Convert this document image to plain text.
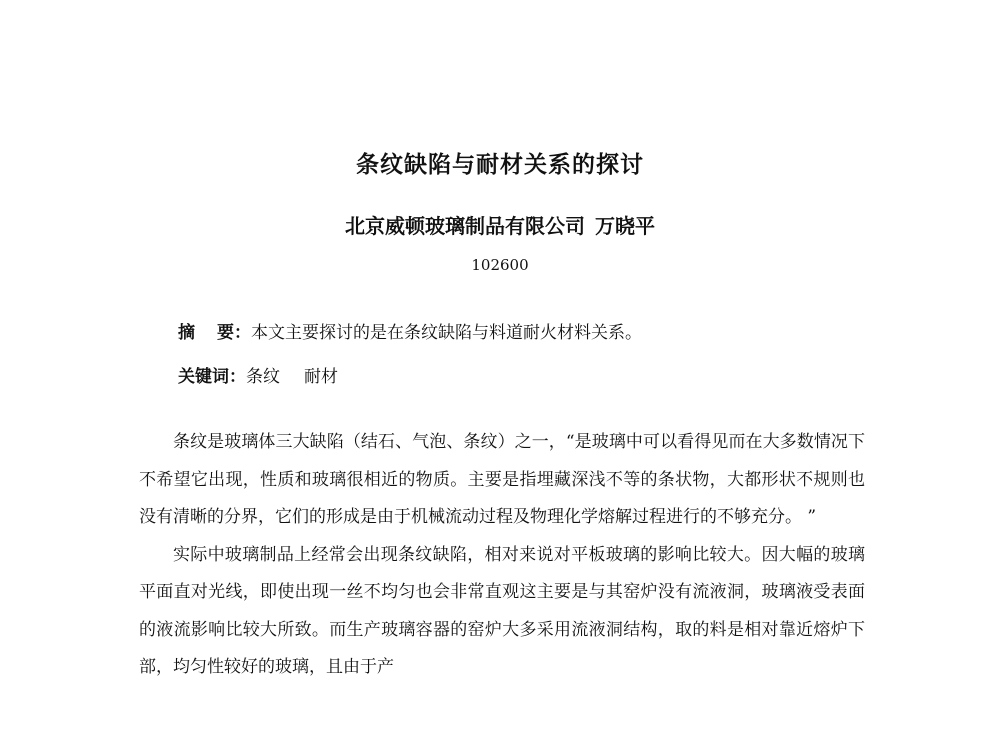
条纹缺陷与耐材关系的探讨
北京威顿玻璃制品有限公司 万晓平
102600
摘 要：本文主要探讨的是在条纹缺陷与料道耐火材料关系。
关键词：条纹 耐材

条纹是玻璃体三大缺陷（结石、气泡、条纹）之一，“是玻璃中可以看得见而在大多数情况下不希望它出现，性质和玻璃很相近的物质。主要是指埋藏深浅不等的条状物，大都形状不规则也没有清晰的分界，它们的形成是由于机械流动过程及物理化学熔解过程进行的不够充分。 ”

实际中玻璃制品上经常会出现条纹缺陷，相对来说对平板玻璃的影响比较大。因大幅的玻璃平面直对光线，即使出现一丝不均匀也会非常直观这主要是与其窑炉没有流液洞，玻璃液受表面的液流影响比较大所致。而生产玻璃容器的窑炉大多采用流液洞结构，取的料是相对靠近熔炉下部，均匀性较好的玻璃，且由于产
